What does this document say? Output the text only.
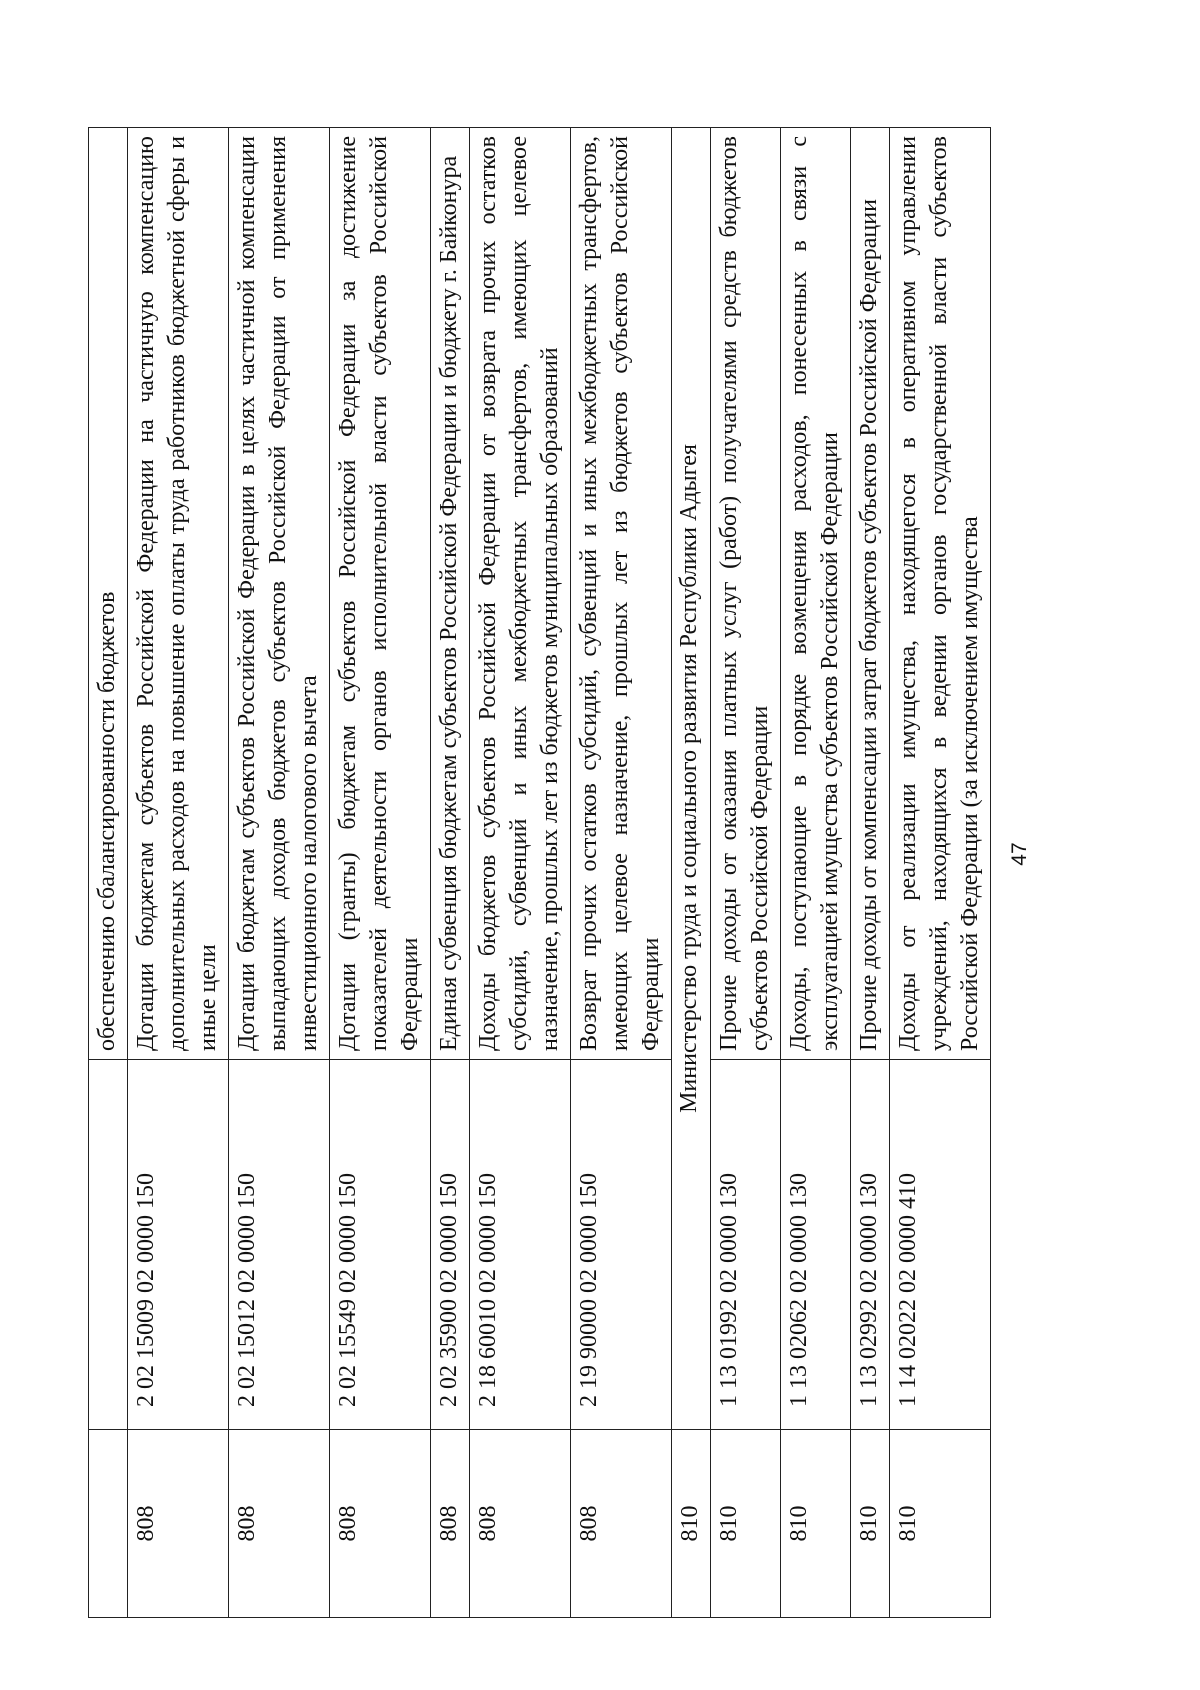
		обеспечению сбалансированности бюджетов
808	2 02 15009 02 0000 150	Дотации бюджетам субъектов Российской Федерации на частичную компенсацию дополнительных расходов на повышение оплаты труда работников бюджетной сферы и иные цели
808	2 02 15012 02 0000 150	Дотации бюджетам субъектов Российской Федерации в целях частичной компенсации выпадающих доходов бюджетов субъектов Российской Федерации от применения инвестиционного налогового вычета
808	2 02 15549 02 0000 150	Дотации (гранты) бюджетам субъектов Российской Федерации за достижение показателей деятельности органов исполнительной власти субъектов Российской Федерации
808	2 02 35900 02 0000 150	Единая субвенция бюджетам субъектов Российской Федерации и бюджету г. Байконура
808	2 18 60010 02 0000 150	Доходы бюджетов субъектов Российской Федерации от возврата прочих остатков субсидий, субвенций и иных межбюджетных трансфертов, имеющих целевое назначение, прошлых лет из бюджетов муниципальных образований
808	2 19 90000 02 0000 150	Возврат прочих остатков субсидий, субвенций и иных межбюджетных трансфертов, имеющих целевое назначение, прошлых лет из бюджетов субъектов Российской Федерации
810	Министерство труда и социального развития Республики Адыгея	
810	1 13 01992 02 0000 130	Прочие доходы от оказания платных услуг (работ) получателями средств бюджетов субъектов Российской Федерации
810	1 13 02062 02 0000 130	Доходы, поступающие в порядке возмещения расходов, понесенных в связи с эксплуатацией имущества субъектов Российской Федерации
810	1 13 02992 02 0000 130	Прочие доходы от компенсации затрат бюджетов субъектов Российской Федерации
810	1 14 02022 02 0000 410	Доходы от реализации имущества, находящегося в оперативном управлении учреждений, находящихся в ведении органов государственной власти субъектов Российской Федерации (за исключением имущества 47
